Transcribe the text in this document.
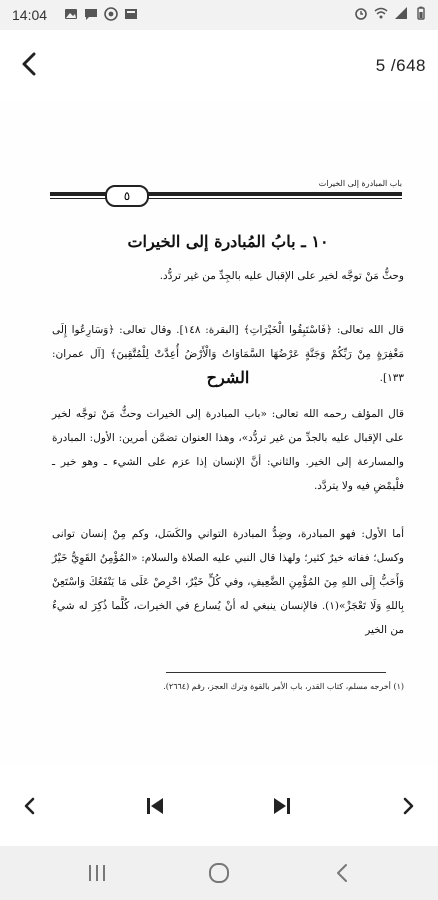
14:04
5 /648
٥
باب المبادرة إلى الخيرات
١٠ ـ بابُ المُبادرة إلى الخيرات
وحثُّ مَنْ توجَّه لخير على الإقبال عليه بالجِدِّ من غير تردُّد.
قال الله تعالى: ﴿فَاسْتَبِقُوا الْخَيْرَاتِ﴾ [البقرة: ١٤٨]. وقال تعالى: ﴿وَسَارِعُوا إِلَى مَغْفِرَةٍ مِنْ رَبِّكُمْ وَجَنَّةٍ عَرْضُهَا السَّمَاوَاتُ وَالْأَرْضُ أُعِدَّتْ لِلْمُتَّقِينَ﴾ [آل عمران: ١٣٣].
الشرح
قال المؤلف رحمه الله تعالى: «باب المبادرة إلى الخيرات وحثُّ مَنْ توجَّه لخير على الإقبال عليه بالجدِّ من غير تردُّد»، وهذا العنوان تضمَّن أمرين: الأول: المبادرة والمسارعة إلى الخير. والثاني: أنَّ الإنسان إذا عزم على الشيء ـ وهو خير ـ فلْيمْضِ فيه ولا يتردَّد.
أما الأول: فهو المبادرة، وضِدُّ المبادرة التواني والكَسَل، وكم مِنْ إنسان توانى وكسل؛ ففاته خيرٌ كثير؛ ولهذا قال النبي عليه الصلاة والسلام: «المُؤْمِنُ القَوِيُّ خَيْرٌ وَأَحَبُّ إِلَى اللهِ مِنَ المُؤْمِنِ الضَّعِيفِ، وفي كُلٍّ خَيْرٌ، احْرِصْ عَلَى مَا يَنْفَعُكَ وَاسْتَعِنْ بِاللهِ وَلَا تَعْجَزْ»(١). فالإنسان ينبغي له أنْ يُسارع في الخيرات، كُلَّما ذُكِرَ له شيءٌ من الخير
(١) أخرجه مسلم، كتاب القدر، باب الأمر بالقوة وترك العجز، رقم (٢٦٦٤).
